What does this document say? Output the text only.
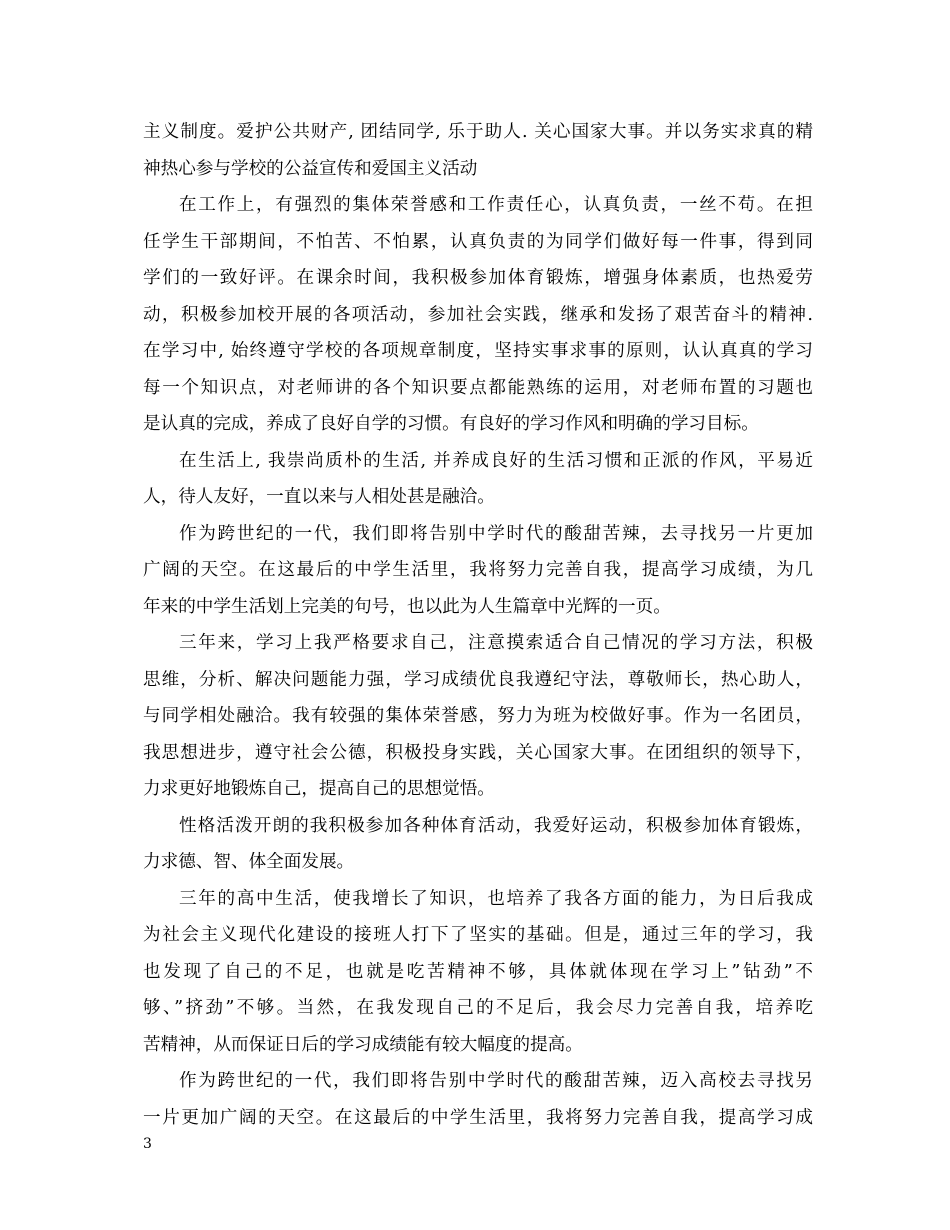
主义制度。爱护公共财产, 团结同学, 乐于助人. 关心国家大事。并以务实求真的精
神热心参与学校的公益宣传和爱国主义活动
在工作上，有强烈的集体荣誉感和工作责任心，认真负责，一丝不苟。在担
任学生干部期间，不怕苦、不怕累，认真负责的为同学们做好每一件事，得到同
学们的一致好评。在课余时间，我积极参加体育锻炼，增强身体素质，也热爱劳
动，积极参加校开展的各项活动，参加社会实践，继承和发扬了艰苦奋斗的精神.
在学习中, 始终遵守学校的各项规章制度，坚持实事求事的原则，认认真真的学习
每一个知识点，对老师讲的各个知识要点都能熟练的运用，对老师布置的习题也
是认真的完成，养成了良好自学的习惯。有良好的学习作风和明确的学习目标。
在生活上, 我崇尚质朴的生活, 并养成良好的生活习惯和正派的作风，平易近
人，待人友好，一直以来与人相处甚是融洽。
作为跨世纪的一代，我们即将告别中学时代的酸甜苦辣，去寻找另一片更加
广阔的天空。在这最后的中学生活里，我将努力完善自我，提高学习成绩，为几
年来的中学生活划上完美的句号，也以此为人生篇章中光辉的一页。
三年来，学习上我严格要求自己，注意摸索适合自己情况的学习方法，积极
思维，分析、解决问题能力强，学习成绩优良我遵纪守法，尊敬师长，热心助人，
与同学相处融洽。我有较强的集体荣誉感，努力为班为校做好事。作为一名团员，
我思想进步，遵守社会公德，积极投身实践，关心国家大事。在团组织的领导下，
力求更好地锻炼自己，提高自己的思想觉悟。
性格活泼开朗的我积极参加各种体育活动，我爱好运动，积极参加体育锻炼，
力求德、智、体全面发展。
三年的高中生活，使我增长了知识，也培养了我各方面的能力，为日后我成
为社会主义现代化建设的接班人打下了坚实的基础。但是，通过三年的学习，我
也发现了自己的不足，也就是吃苦精神不够，具体就体现在学习上”钻劲”不
够、”挤劲”不够。当然，在我发现自己的不足后，我会尽力完善自我，培养吃
苦精神，从而保证日后的学习成绩能有较大幅度的提高。
作为跨世纪的一代，我们即将告别中学时代的酸甜苦辣，迈入高校去寻找另
一片更加广阔的天空。在这最后的中学生活里，我将努力完善自我，提高学习成
3
